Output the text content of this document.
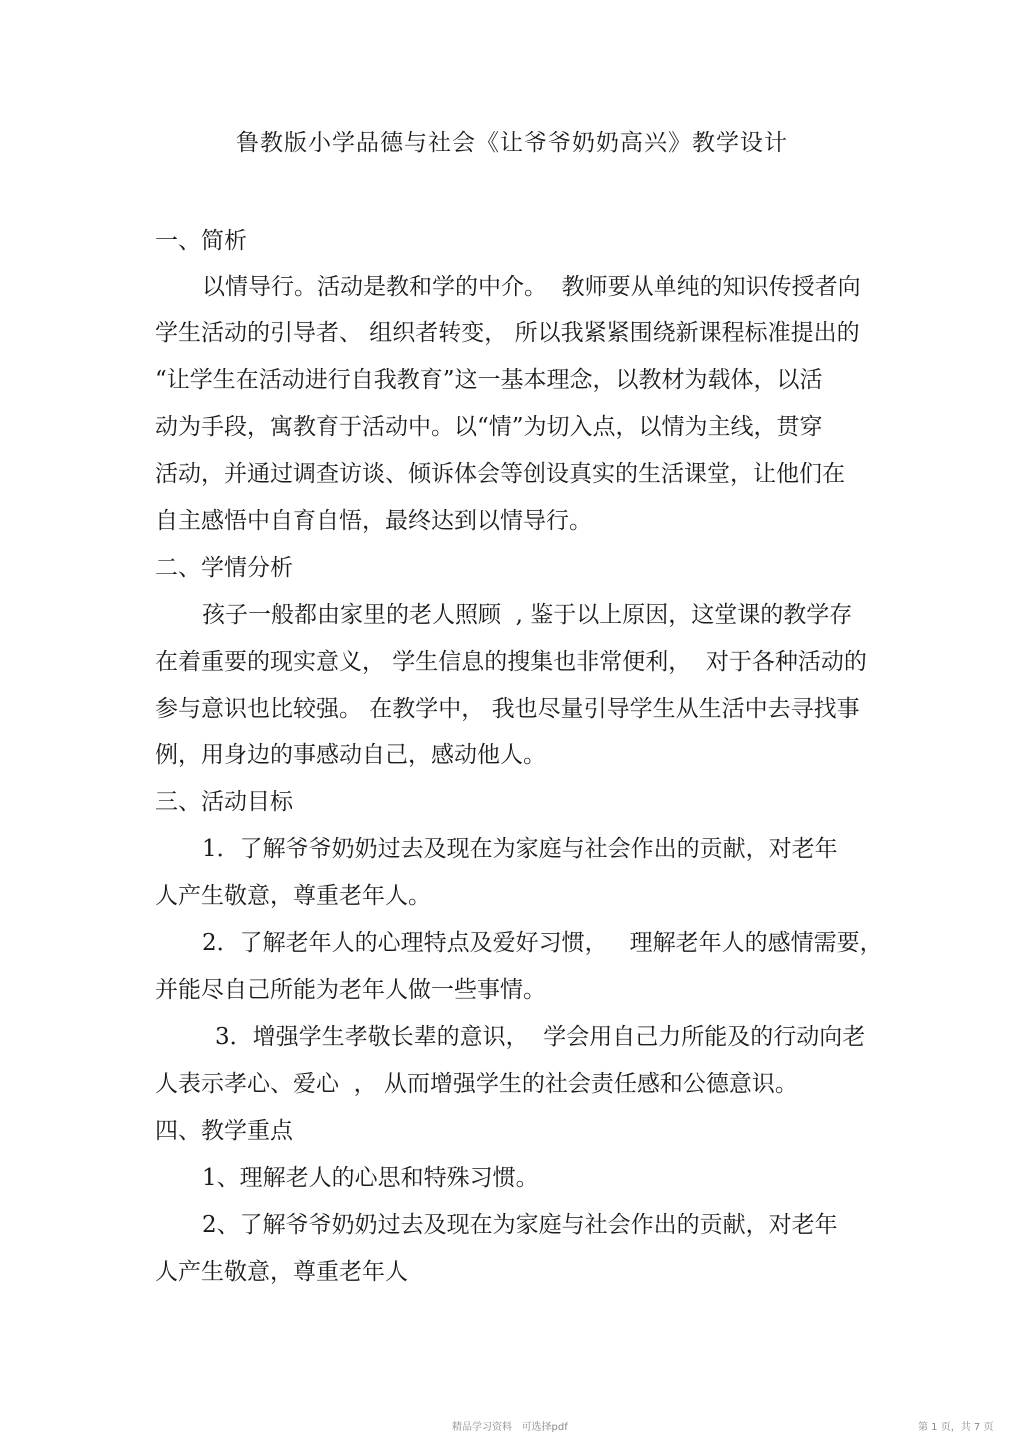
鲁教版小学品德与社会《让爷爷奶奶高兴》教学设计
一、简析
以情导行。活动是教和学的中介。  教师要从单纯的知识传授者向
学生活动的引导者、 组织者转变， 所以我紧紧围绕新课程标准提出的
“让学生在活动进行自我教育”这一基本理念，以教材为载体，以活
动为手段，寓教育于活动中。以“情”为切入点，以情为主线，贯穿
活动，并通过调查访谈、倾诉体会等创设真实的生活课堂，让他们在
自主感悟中自育自悟，最终达到以情导行。
二、学情分析
孩子一般都由家里的老人照顾  , 鉴于以上原因，这堂课的教学存
在着重要的现实意义， 学生信息的搜集也非常便利，  对于各种活动的
参与意识也比较强。 在教学中， 我也尽量引导学生从生活中去寻找事
例，用身边的事感动自己，感动他人。
三、活动目标
1．了解爷爷奶奶过去及现在为家庭与社会作出的贡献，对老年
人产生敬意，尊重老年人。
2．了解老年人的心理特点及爱好习惯，   理解老年人的感情需要，
并能尽自己所能为老年人做一些事情。
3．增强学生孝敬长辈的意识，  学会用自己力所能及的行动向老
人表示孝心、爱心  ， 从而增强学生的社会责任感和公德意识。
四、教学重点
1、理解老人的心思和特殊习惯。
2、了解爷爷奶奶过去及现在为家庭与社会作出的贡献，对老年
人产生敬意，尊重老年人
精品学习资料   可选择pdf	第 1 页，共 7 页
